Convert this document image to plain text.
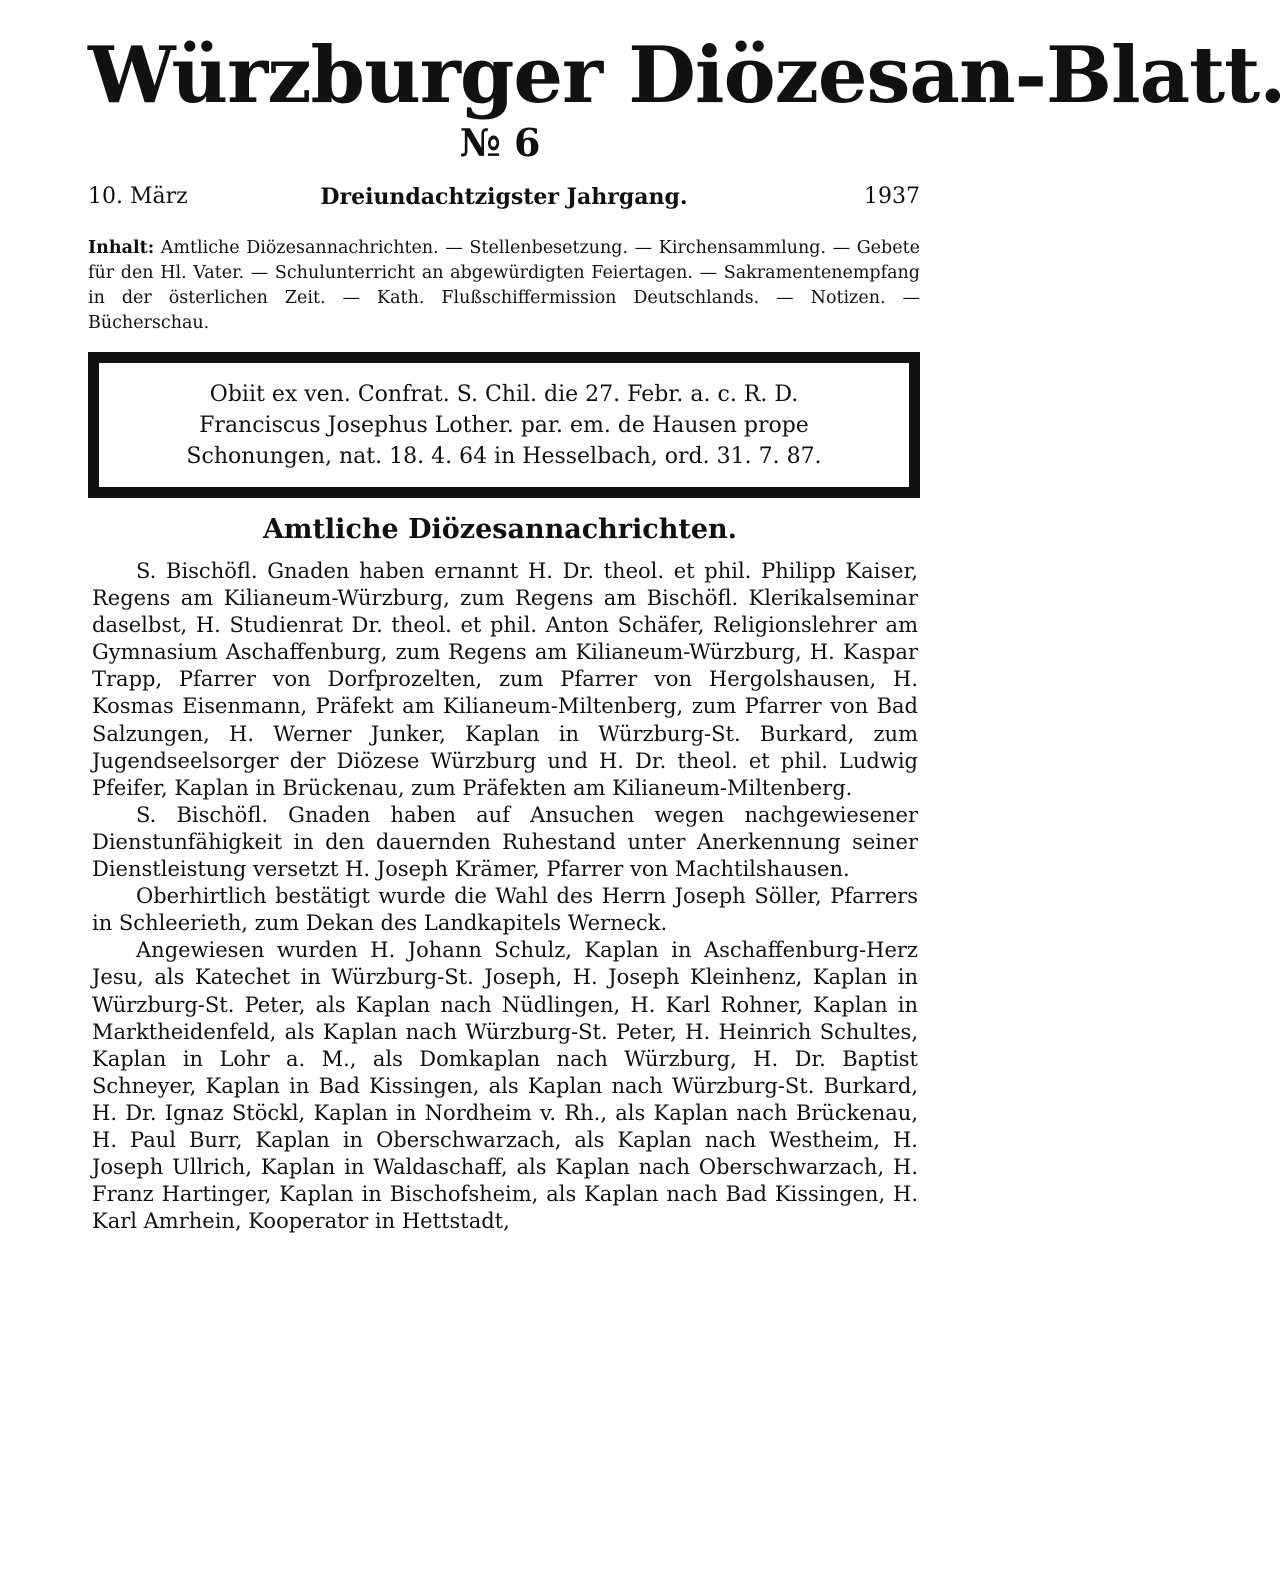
Würzburger Diözesan-Blatt.
№ 6
Dreiundachtzigster Jahrgang.
10. März	1937
Inhalt: Amtliche Diözesannachrichten. — Stellenbesetzung. — Kirchensammlung. — Gebete für den Hl. Vater. — Schulunterricht an abgewürdigten Feiertagen. — Sakramentenempfang in der österlichen Zeit. — Kath. Flußschiffermission Deutschlands. — Notizen. — Bücherschau.
Obiit ex ven. Confrat. S. Chil. die 27. Febr. a. c. R. D.
Franciscus Josephus Lother. par. em. de Hausen prope
Schonungen, nat. 18. 4. 64 in Hesselbach, ord. 31. 7. 87.
Amtliche Diözesannachrichten.

S. Bischöfl. Gnaden haben ernannt H. Dr. theol. et phil. Philipp Kaiser, Regens am Kilianeum-Würzburg, zum Regens am Bischöfl. Klerikalseminar daselbst, H. Studienrat Dr. theol. et phil. Anton Schäfer, Religionslehrer am Gymnasium Aschaffenburg, zum Regens am Kilianeum-Würzburg, H. Kaspar Trapp, Pfarrer von Dorfprozelten, zum Pfarrer von Hergolshausen, H. Kosmas Eisenmann, Präfekt am Kilianeum-Miltenberg, zum Pfarrer von Bad Salzungen, H. Werner Junker, Kaplan in Würzburg-St. Burkard, zum Jugendseelsorger der Diözese Würzburg und H. Dr. theol. et phil. Ludwig Pfeifer, Kaplan in Brückenau, zum Präfekten am Kilianeum-Miltenberg.

S. Bischöfl. Gnaden haben auf Ansuchen wegen nachgewiesener Dienstunfähigkeit in den dauernden Ruhestand unter Anerkennung seiner Dienstleistung versetzt H. Joseph Krämer, Pfarrer von Machtilshausen.

Oberhirtlich bestätigt wurde die Wahl des Herrn Joseph Söller, Pfarrers in Schleerieth, zum Dekan des Landkapitels Werneck.

Angewiesen wurden H. Johann Schulz, Kaplan in Aschaffenburg-Herz Jesu, als Katechet in Würzburg-St. Joseph, H. Joseph Kleinhenz, Kaplan in Würzburg-St. Peter, als Kaplan nach Nüdlingen, H. Karl Rohner, Kaplan in Marktheidenfeld, als Kaplan nach Würzburg-St. Peter, H. Heinrich Schultes, Kaplan in Lohr a. M., als Domkaplan nach Würzburg, H. Dr. Baptist Schneyer, Kaplan in Bad Kissingen, als Kaplan nach Würzburg-St. Burkard, H. Dr. Ignaz Stöckl, Kaplan in Nordheim v. Rh., als Kaplan nach Brückenau, H. Paul Burr, Kaplan in Oberschwarzach, als Kaplan nach Westheim, H. Joseph Ullrich, Kaplan in Waldaschaff, als Kaplan nach Oberschwarzach, H. Franz Hartinger, Kaplan in Bischofsheim, als Kaplan nach Bad Kissingen, H. Karl Amrhein, Kooperator in Hettstadt,
